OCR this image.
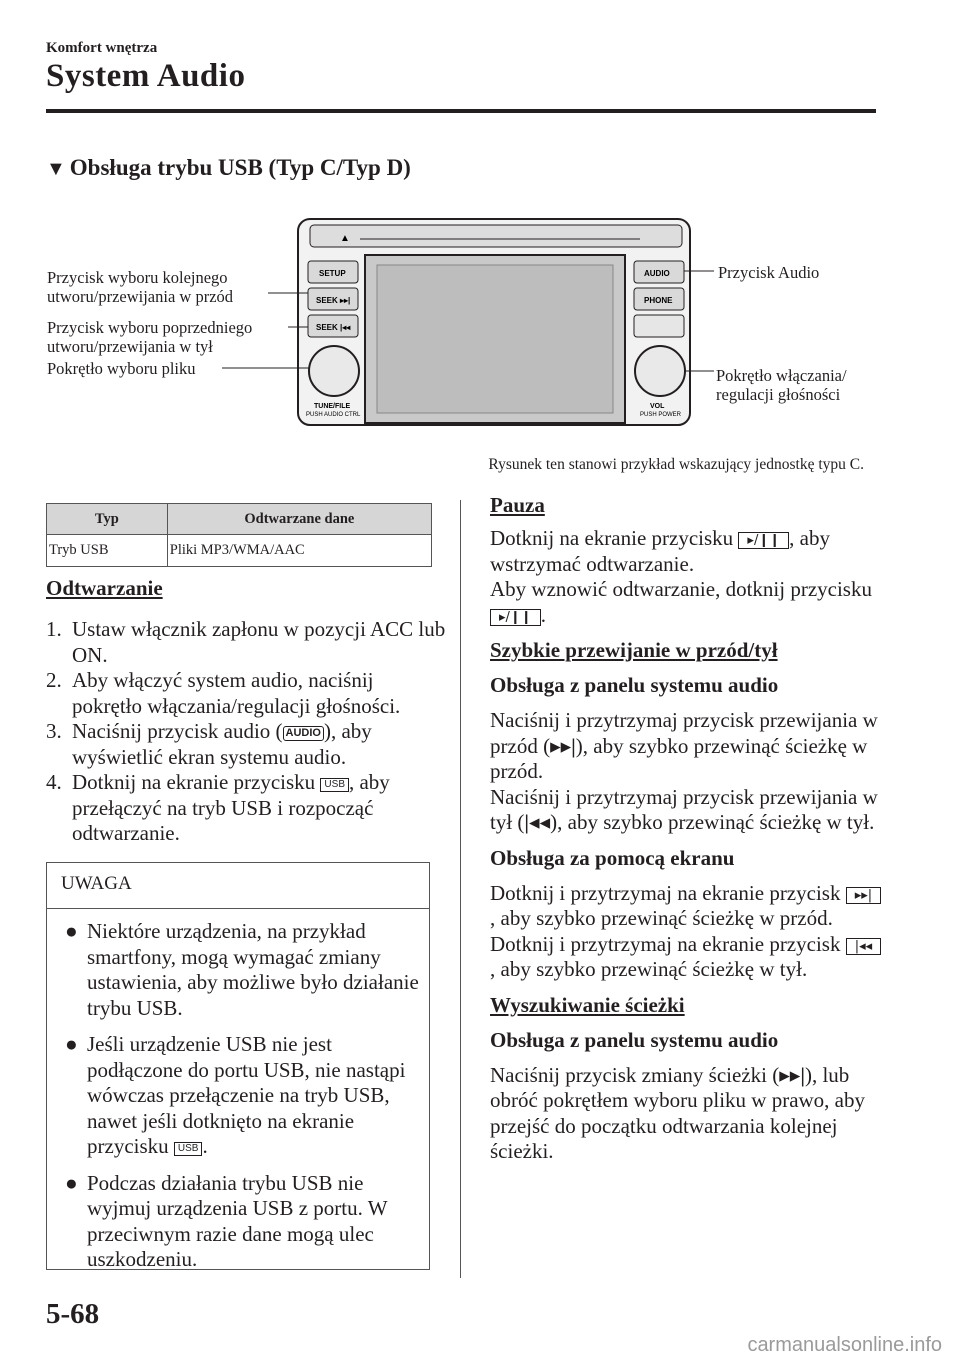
Komfort wnętrza
System Audio
▼ Obsługa trybu USB (Typ C/Typ D)
▲
SETUP
SEEK ▸▸|
SEEK |◂◂
TUNE/FILE
PUSH AUDIO CTRL
AUDIO
PHONE
VOL
PUSH POWER
Przycisk wyboru kolejnego
utworu/przewijania w przód
Przycisk wyboru poprzedniego
utworu/przewijania w tył
Pokrętło wyboru pliku
Przycisk Audio
Pokrętło włączania/
regulacji głośności
Rysunek ten stanowi przykład wskazujący jednostkę typu C.
Typ	Odtwarzane dane
Tryb USB	Pliki MP3/WMA/AAC
Odtwarzanie
1. Ustaw włącznik zapłonu w pozycji ACC lub ON.
2. Aby włączyć system audio, naciśnij pokrętło włączania/regulacji głośności.
3. Naciśnij przycisk audio ( AUDIO ), aby wyświetlić ekran systemu audio.
4. Dotknij na ekranie przycisku USB , aby przełączyć na tryb USB i rozpocząć odtwarzanie.
UWAGA
● Niektóre urządzenia, na przykład smartfony, mogą wymagać zmiany ustawienia, aby możliwe było działanie trybu USB.
● Jeśli urządzenie USB nie jest podłączone do portu USB, nie nastąpi wówczas przełączenie na tryb USB, nawet jeśli dotknięto na ekranie przycisku USB .
● Podczas działania trybu USB nie wyjmuj urządzenia USB z portu. W przeciwnym razie dane mogą ulec uszkodzeniu.
Pauza
Dotknij na ekranie przycisku ▸/❙❙ , aby wstrzymać odtwarzanie.
Aby wznowić odtwarzanie, dotknij przycisku ▸/❙❙ .
Szybkie przewijanie w przód/tył
Obsługa z panelu systemu audio
Naciśnij i przytrzymaj przycisk przewijania w przód (▸▸|), aby szybko przewinąć ścieżkę w przód.
Naciśnij i przytrzymaj przycisk przewijania w tył (|◂◂), aby szybko przewinąć ścieżkę w tył.
Obsługa za pomocą ekranu
Dotknij i przytrzymaj na ekranie przycisk ▸▸|, aby szybko przewinąć ścieżkę w przód.
Dotknij i przytrzymaj na ekranie przycisk |◂◂, aby szybko przewinąć ścieżkę w tył.
Wyszukiwanie ścieżki
Obsługa z panelu systemu audio
Naciśnij przycisk zmiany ścieżki (▸▸|), lub obróć pokrętłem wyboru pliku w prawo, aby przejść do początku odtwarzania kolejnej ścieżki.
5-68
carmanualsonline.info
